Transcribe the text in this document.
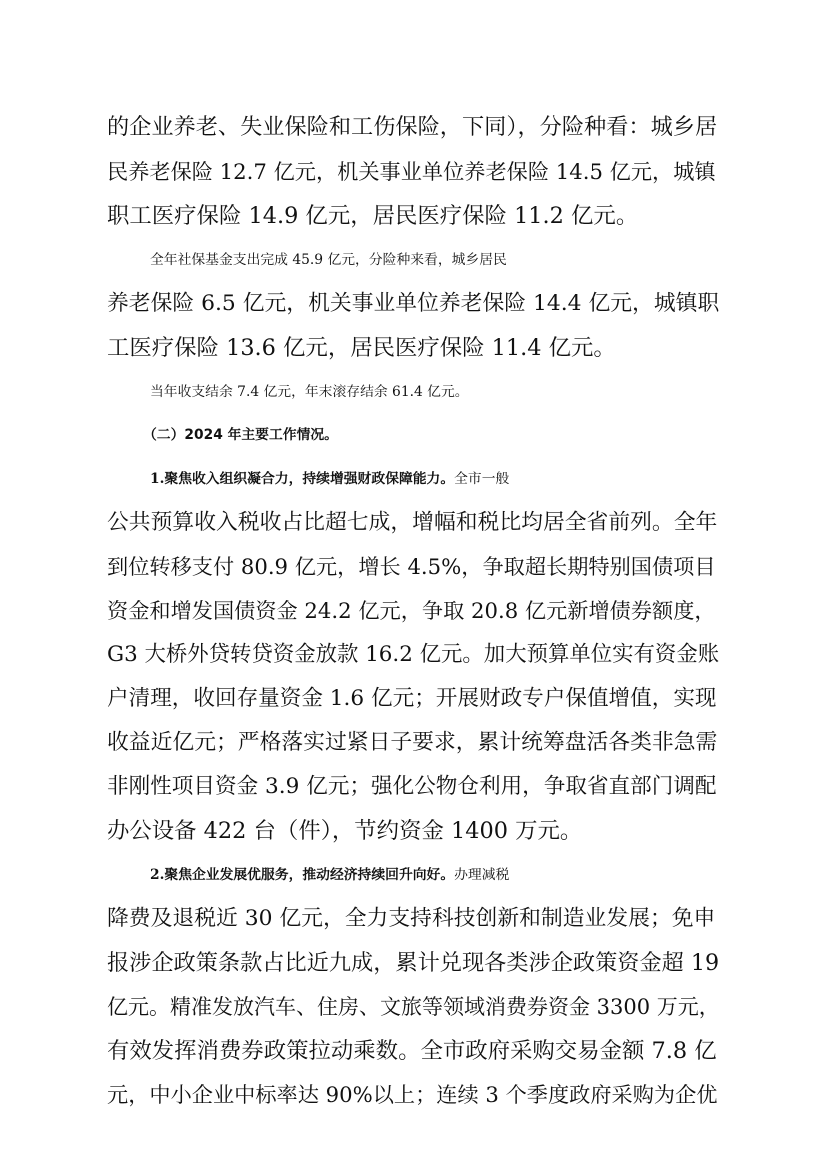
的企业养老、失业保险和工伤保险，下同），分险种看：城乡居
民养老保险 12.7 亿元，机关事业单位养老保险 14.5 亿元，城镇
职工医疗保险 14.9 亿元，居民医疗保险 11.2 亿元。
全年社保基金支出完成 45.9 亿元，分险种来看，城乡居民
养老保险 6.5 亿元，机关事业单位养老保险 14.4 亿元，城镇职
工医疗保险 13.6 亿元，居民医疗保险 11.4 亿元。
当年收支结余 7.4 亿元，年末滚存结余 61.4 亿元。
（二）2024 年主要工作情况。
1.聚焦收入组织凝合力，持续增强财政保障能力。全市一般
公共预算收入税收占比超七成，增幅和税比均居全省前列。全年
到位转移支付 80.9 亿元，增长 4.5%，争取超长期特别国债项目
资金和增发国债资金 24.2 亿元，争取 20.8 亿元新增债券额度，
G3 大桥外贷转贷资金放款 16.2 亿元。加大预算单位实有资金账
户清理，收回存量资金 1.6 亿元；开展财政专户保值增值，实现
收益近亿元；严格落实过紧日子要求，累计统筹盘活各类非急需
非刚性项目资金 3.9 亿元；强化公物仓利用，争取省直部门调配
办公设备 422 台（件），节约资金 1400 万元。
2.聚焦企业发展优服务，推动经济持续回升向好。办理减税
降费及退税近 30 亿元，全力支持科技创新和制造业发展；免申
报涉企政策条款占比近九成，累计兑现各类涉企政策资金超 19
亿元。精准发放汽车、住房、文旅等领域消费券资金 3300 万元，
有效发挥消费券政策拉动乘数。全市政府采购交易金额 7.8 亿
元，中小企业中标率达 90%以上；连续 3 个季度政府采购为企优
